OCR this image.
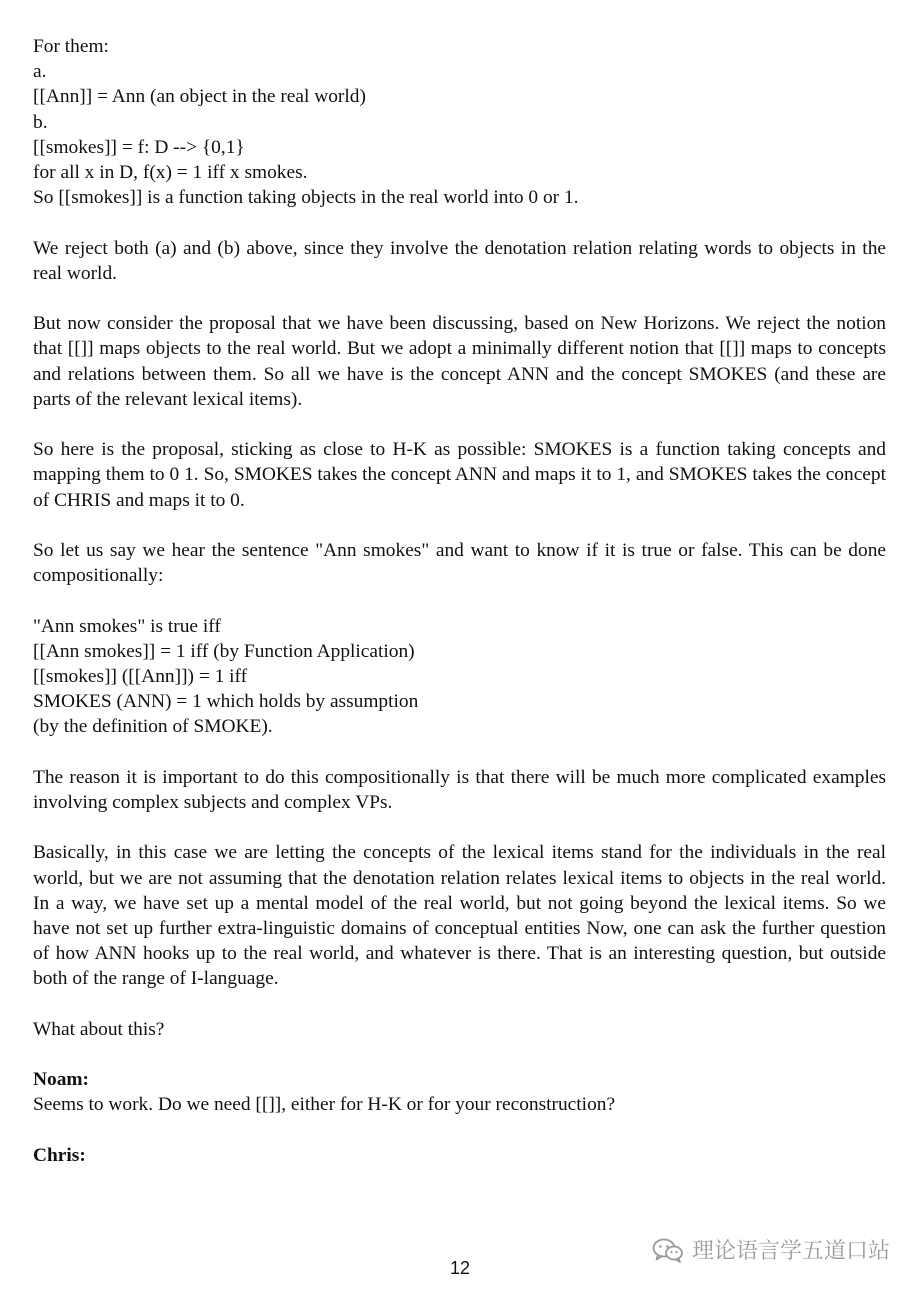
For them:
a.
[[Ann]] = Ann (an object in the real world)
b.
[[smokes]] = f: D --> {0,1}
for all x in D, f(x) = 1 iff x smokes.
So [[smokes]] is a function taking objects in the real world into 0 or 1.

We reject both (a) and (b) above, since they involve the denotation relation relating words to objects in the real world.

But now consider the proposal that we have been discussing, based on New Horizons. We reject the notion that [[]] maps objects to the real world. But we adopt a minimally different notion that [[]] maps to concepts and relations between them. So all we have is the concept ANN and the concept SMOKES (and these are parts of the relevant lexical items).

So here is the proposal, sticking as close to H-K as possible: SMOKES is a function taking concepts and mapping them to 0 1. So, SMOKES takes the concept ANN and maps it to 1, and SMOKES takes the concept of CHRIS and maps it to 0.

So let us say we hear the sentence "Ann smokes" and want to know if it is true or false. This can be done compositionally:

"Ann smokes" is true iff
[[Ann smokes]] = 1 iff (by Function Application)
[[smokes]] ([[Ann]]) = 1 iff
SMOKES (ANN) = 1 which holds by assumption
(by the definition of SMOKE).

The reason it is important to do this compositionally is that there will be much more complicated examples involving complex subjects and complex VPs.

Basically, in this case we are letting the concepts of the lexical items stand for the individuals in the real world, but we are not assuming that the denotation relation relates lexical items to objects in the real world. In a way, we have set up a mental model of the real world, but not going beyond the lexical items. So we have not set up further extra-linguistic domains of conceptual entities Now, one can ask the further question of how ANN hooks up to the real world, and whatever is there. That is an interesting question, but outside both of the range of I-language.

What about this?

Noam:
Seems to work. Do we need [[]], either for H-K or for your reconstruction?
Chris:
理论语言学五道口站
12
